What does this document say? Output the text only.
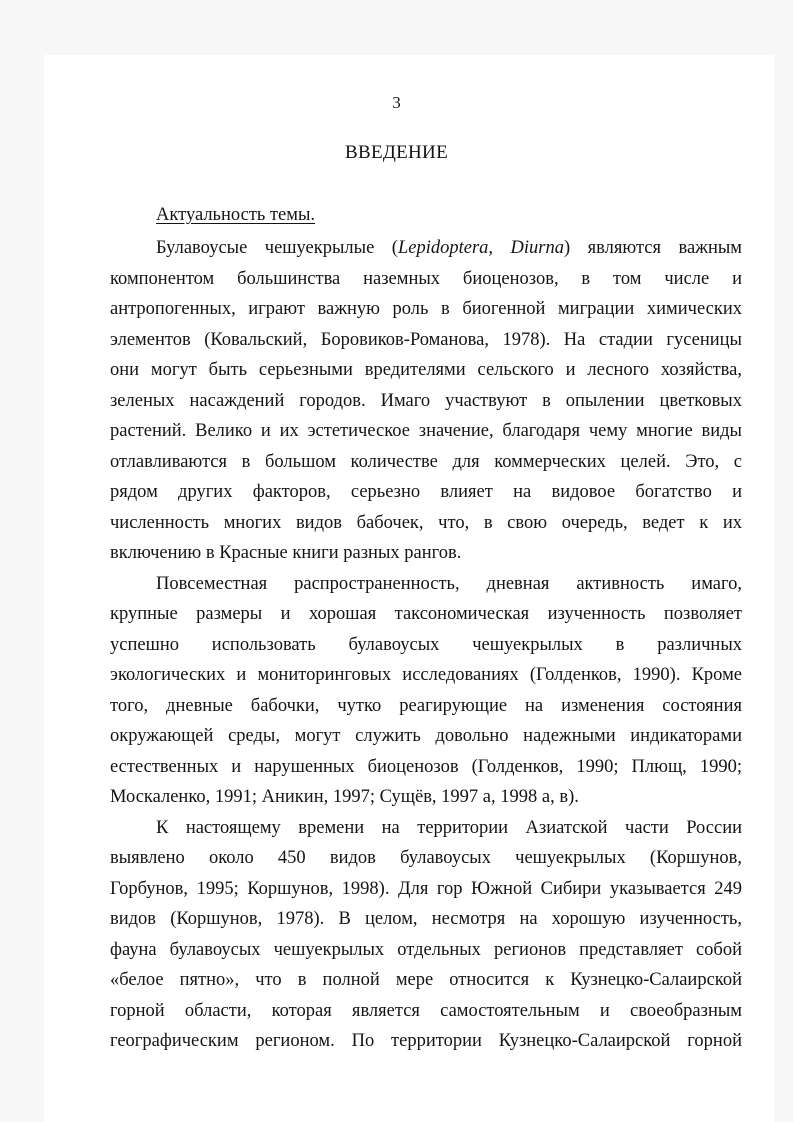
3
ВВЕДЕНИЕ
Актуальность темы.
Булавоусые чешуекрылые (Lepidoptera, Diurna) являются важным
компонентом большинства наземных биоценозов, в том числе и
антропогенных, играют важную роль в биогенной миграции химических
элементов (Ковальский, Боровиков-Романова, 1978). На стадии гусеницы
они могут быть серьезными вредителями сельского и лесного хозяйства,
зеленых насаждений городов. Имаго участвуют в опылении цветковых
растений. Велико и их эстетическое значение, благодаря чему многие виды
отлавливаются в большом количестве для коммерческих целей. Это, с
рядом других факторов, серьезно влияет на видовое богатство и
численность многих видов бабочек, что, в свою очередь, ведет к их
включению в Красные книги разных рангов.
Повсеместная распространенность, дневная активность имаго,
крупные размеры и хорошая таксономическая изученность позволяет
успешно использовать булавоусых чешуекрылых в различных
экологических и мониторинговых исследованиях (Голденков, 1990). Кроме
того, дневные бабочки, чутко реагирующие на изменения состояния
окружающей среды, могут служить довольно надежными индикаторами
естественных и нарушенных биоценозов (Голденков, 1990; Плющ, 1990;
Москаленко, 1991; Аникин, 1997; Сущёв, 1997 а, 1998 а, в).
К настоящему времени на территории Азиатской части России
выявлено около 450 видов булавоусых чешуекрылых (Коршунов,
Горбунов, 1995; Коршунов, 1998). Для гор Южной Сибири указывается 249
видов (Коршунов, 1978). В целом, несмотря на хорошую изученность,
фауна булавоусых чешуекрылых отдельных регионов представляет собой
«белое пятно», что в полной мере относится к Кузнецко-Салаирской
горной области, которая является самостоятельным и своеобразным
географическим регионом. По территории Кузнецко-Салаирской горной
